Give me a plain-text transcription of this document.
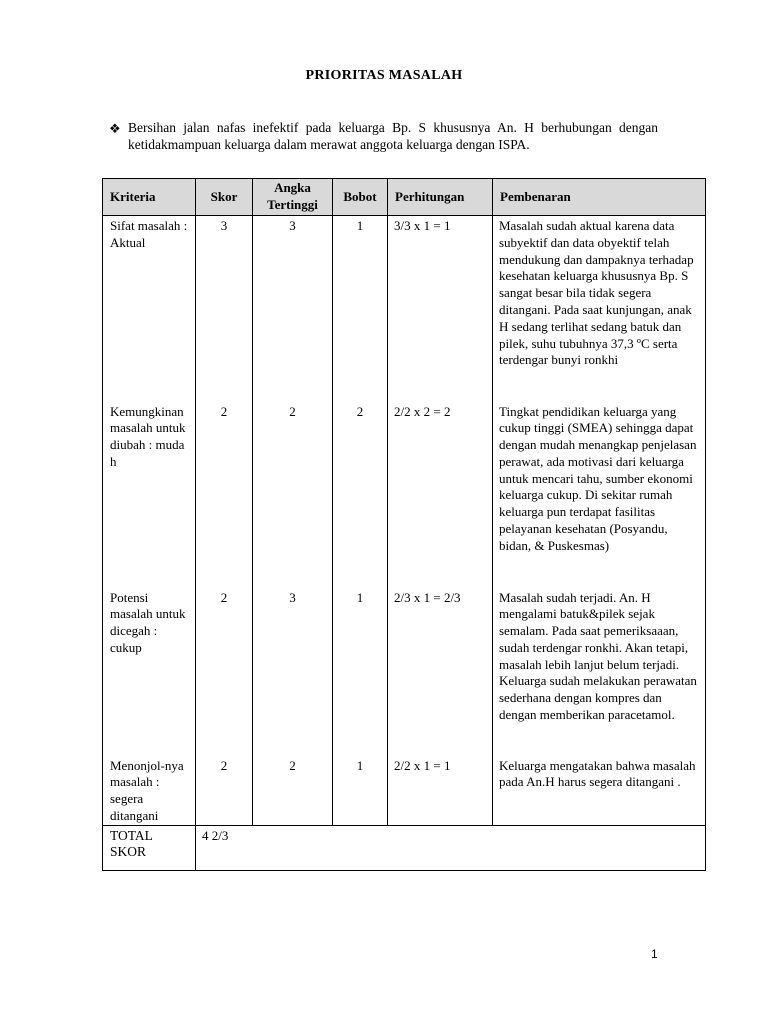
PRIORITAS MASALAH
❖ Bersihan jalan nafas inefektif pada keluarga Bp. S khususnya An. H berhubungan dengan ketidakmampuan keluarga dalam merawat anggota keluarga dengan ISPA.
Kriteria	Skor	Angka Tertinggi	Bobot	Perhitungan	Pembenaran
Sifat masalah : Aktual	3	3	1	3/3 x 1 = 1	Masalah sudah aktual karena data subyektif dan data obyektif telah mendukung dan dampaknya terhadap kesehatan keluarga khususnya Bp. S sangat besar bila tidak segera ditangani. Pada saat kunjungan, anak H sedang terlihat sedang batuk dan pilek, suhu tubuhnya 37,3 ºC serta terdengar bunyi ronkhi
Kemungkinan masalah untuk diubah : mudah	2	2	2	2/2 x 2 = 2	Tingkat pendidikan keluarga yang cukup tinggi (SMEA) sehingga dapat dengan mudah menangkap penjelasan perawat, ada motivasi dari keluarga untuk mencari tahu, sumber ekonomi keluarga cukup. Di sekitar rumah keluarga pun terdapat fasilitas pelayanan kesehatan (Posyandu, bidan, & Puskesmas)
Potensi masalah untuk dicegah : cukup	2	3	1	2/3 x 1 = 2/3	Masalah sudah terjadi. An. H mengalami batuk&pilek sejak semalam. Pada saat pemeriksaaan, sudah terdengar ronkhi. Akan tetapi, masalah lebih lanjut belum terjadi. Keluarga sudah melakukan perawatan sederhana dengan kompres dan dengan memberikan paracetamol.
Menonjol-nya masalah : segera ditangani	2	2	1	2/2 x 1 = 1	Keluarga mengatakan bahwa masalah pada An.H harus segera ditangani .
TOTAL SKOR	4 2/3				
1
